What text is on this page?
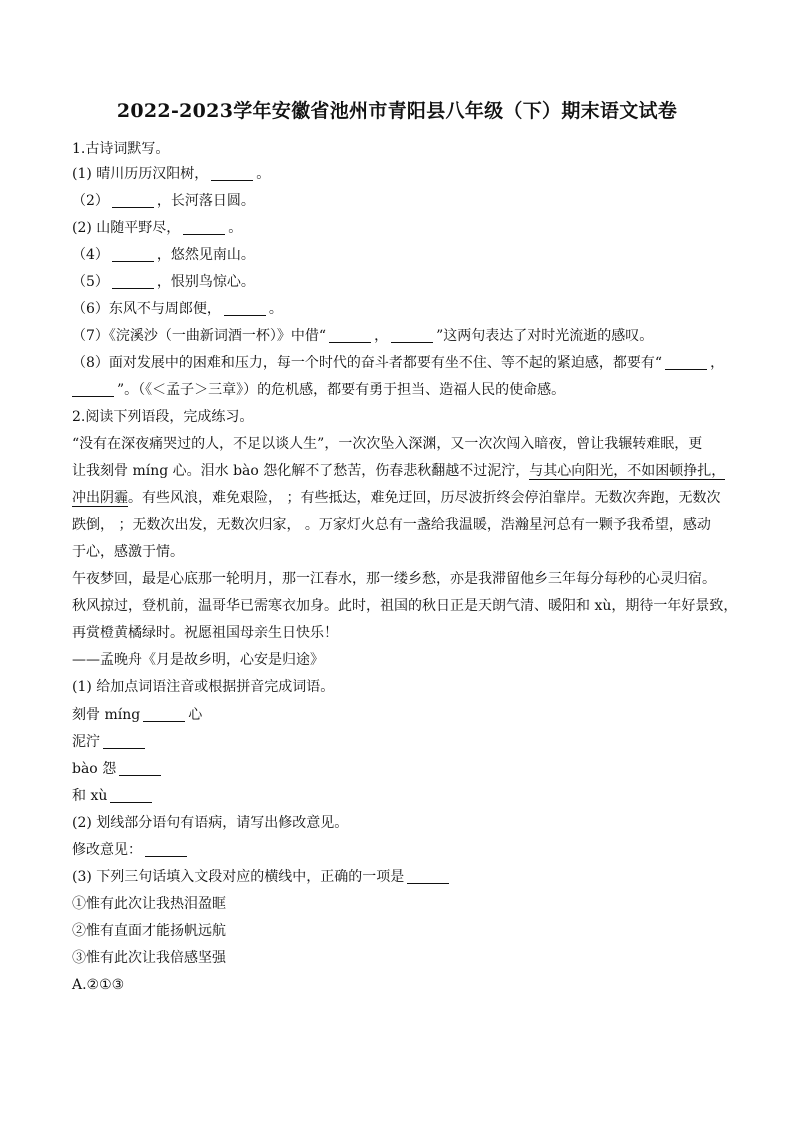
2022-2023学年安徽省池州市青阳县八年级（下）期末语文试卷
1.古诗词默写。
(1) 晴川历历汉阳树，	。
（2）	，长河落日圆。
(2) 山随平野尽，	。
（4）	，悠然见南山。
（5）	，恨别鸟惊心。
（6）东风不与周郎便，	。
（7）《浣溪沙（一曲新词酒一杯）》中借“	，	”这两句表达了对时光流逝的感叹。
（8）面对发展中的困难和压力，每一个时代的奋斗者都要有坐不住、等不起的紧迫感，都要有“	，
”。（《＜孟子＞三章》）的危机感，都要有勇于担当、造福人民的使命感。
2.阅读下列语段，完成练习。
“没有在深夜痛哭过的人，不足以谈人生”，一次次坠入深渊，又一次次闯入暗夜，曾让我辗转难眠，更
让我刻骨 míng 心。泪水 bào 怨化解不了愁苦，伤春悲秋翻越不过泥泞，与其心向阳光，不如困顿挣扎，
冲出阴霾。有些风浪，难免艰险， ；有些抵达，难免迂回，历尽波折终会停泊靠岸。无数次奔跑，无数次
跌倒， ；无数次出发，无数次归家， 。万家灯火总有一盏给我温暖，浩瀚星河总有一颗予我希望，感动
于心，感激于情。
午夜梦回，最是心底那一轮明月，那一江春水，那一缕乡愁，亦是我滞留他乡三年每分每秒的心灵归宿。
秋风掠过，登机前，温哥华已需寒衣加身。此时，祖国的秋日正是天朗气清、暖阳和 xù，期待一年好景致，
再赏橙黄橘绿时。祝愿祖国母亲生日快乐！
——孟晚舟《月是故乡明，心安是归途》
(1) 给加点词语注音或根据拼音完成词语。
刻骨 míng	心
泥泞
bào 怨
和 xù
(2) 划线部分语句有语病，请写出修改意见。
修改意见：
(3) 下列三句话填入文段对应的横线中，正确的一项是
①惟有此次让我热泪盈眶
②惟有直面才能扬帆远航
③惟有此次让我倍感坚强
A.②①③
